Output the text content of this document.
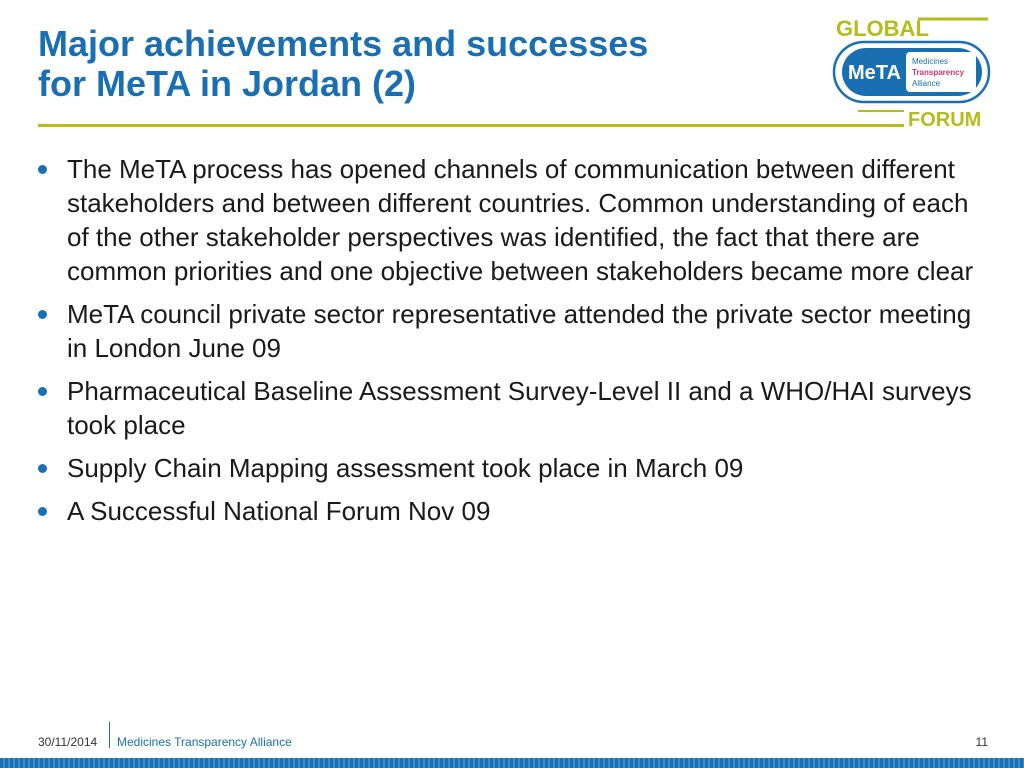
Major achievements and successes
for MeTA in Jordan (2)
GLOBAL
MeTA
Medicines
Transparency
Alliance
FORUM
The MeTA process has opened channels of communication between different stakeholders and between different countries. Common understanding of each of the other stakeholder perspectives was identified, the fact that there are common priorities and one objective between stakeholders became more clear
MeTA council private sector representative attended the private sector meeting in London June 09
Pharmaceutical Baseline Assessment Survey-Level II and a WHO/HAI surveys took place
Supply Chain Mapping assessment took place in March 09
A Successful National Forum Nov 09
30/11/2014 Medicines Transparency Alliance	11
